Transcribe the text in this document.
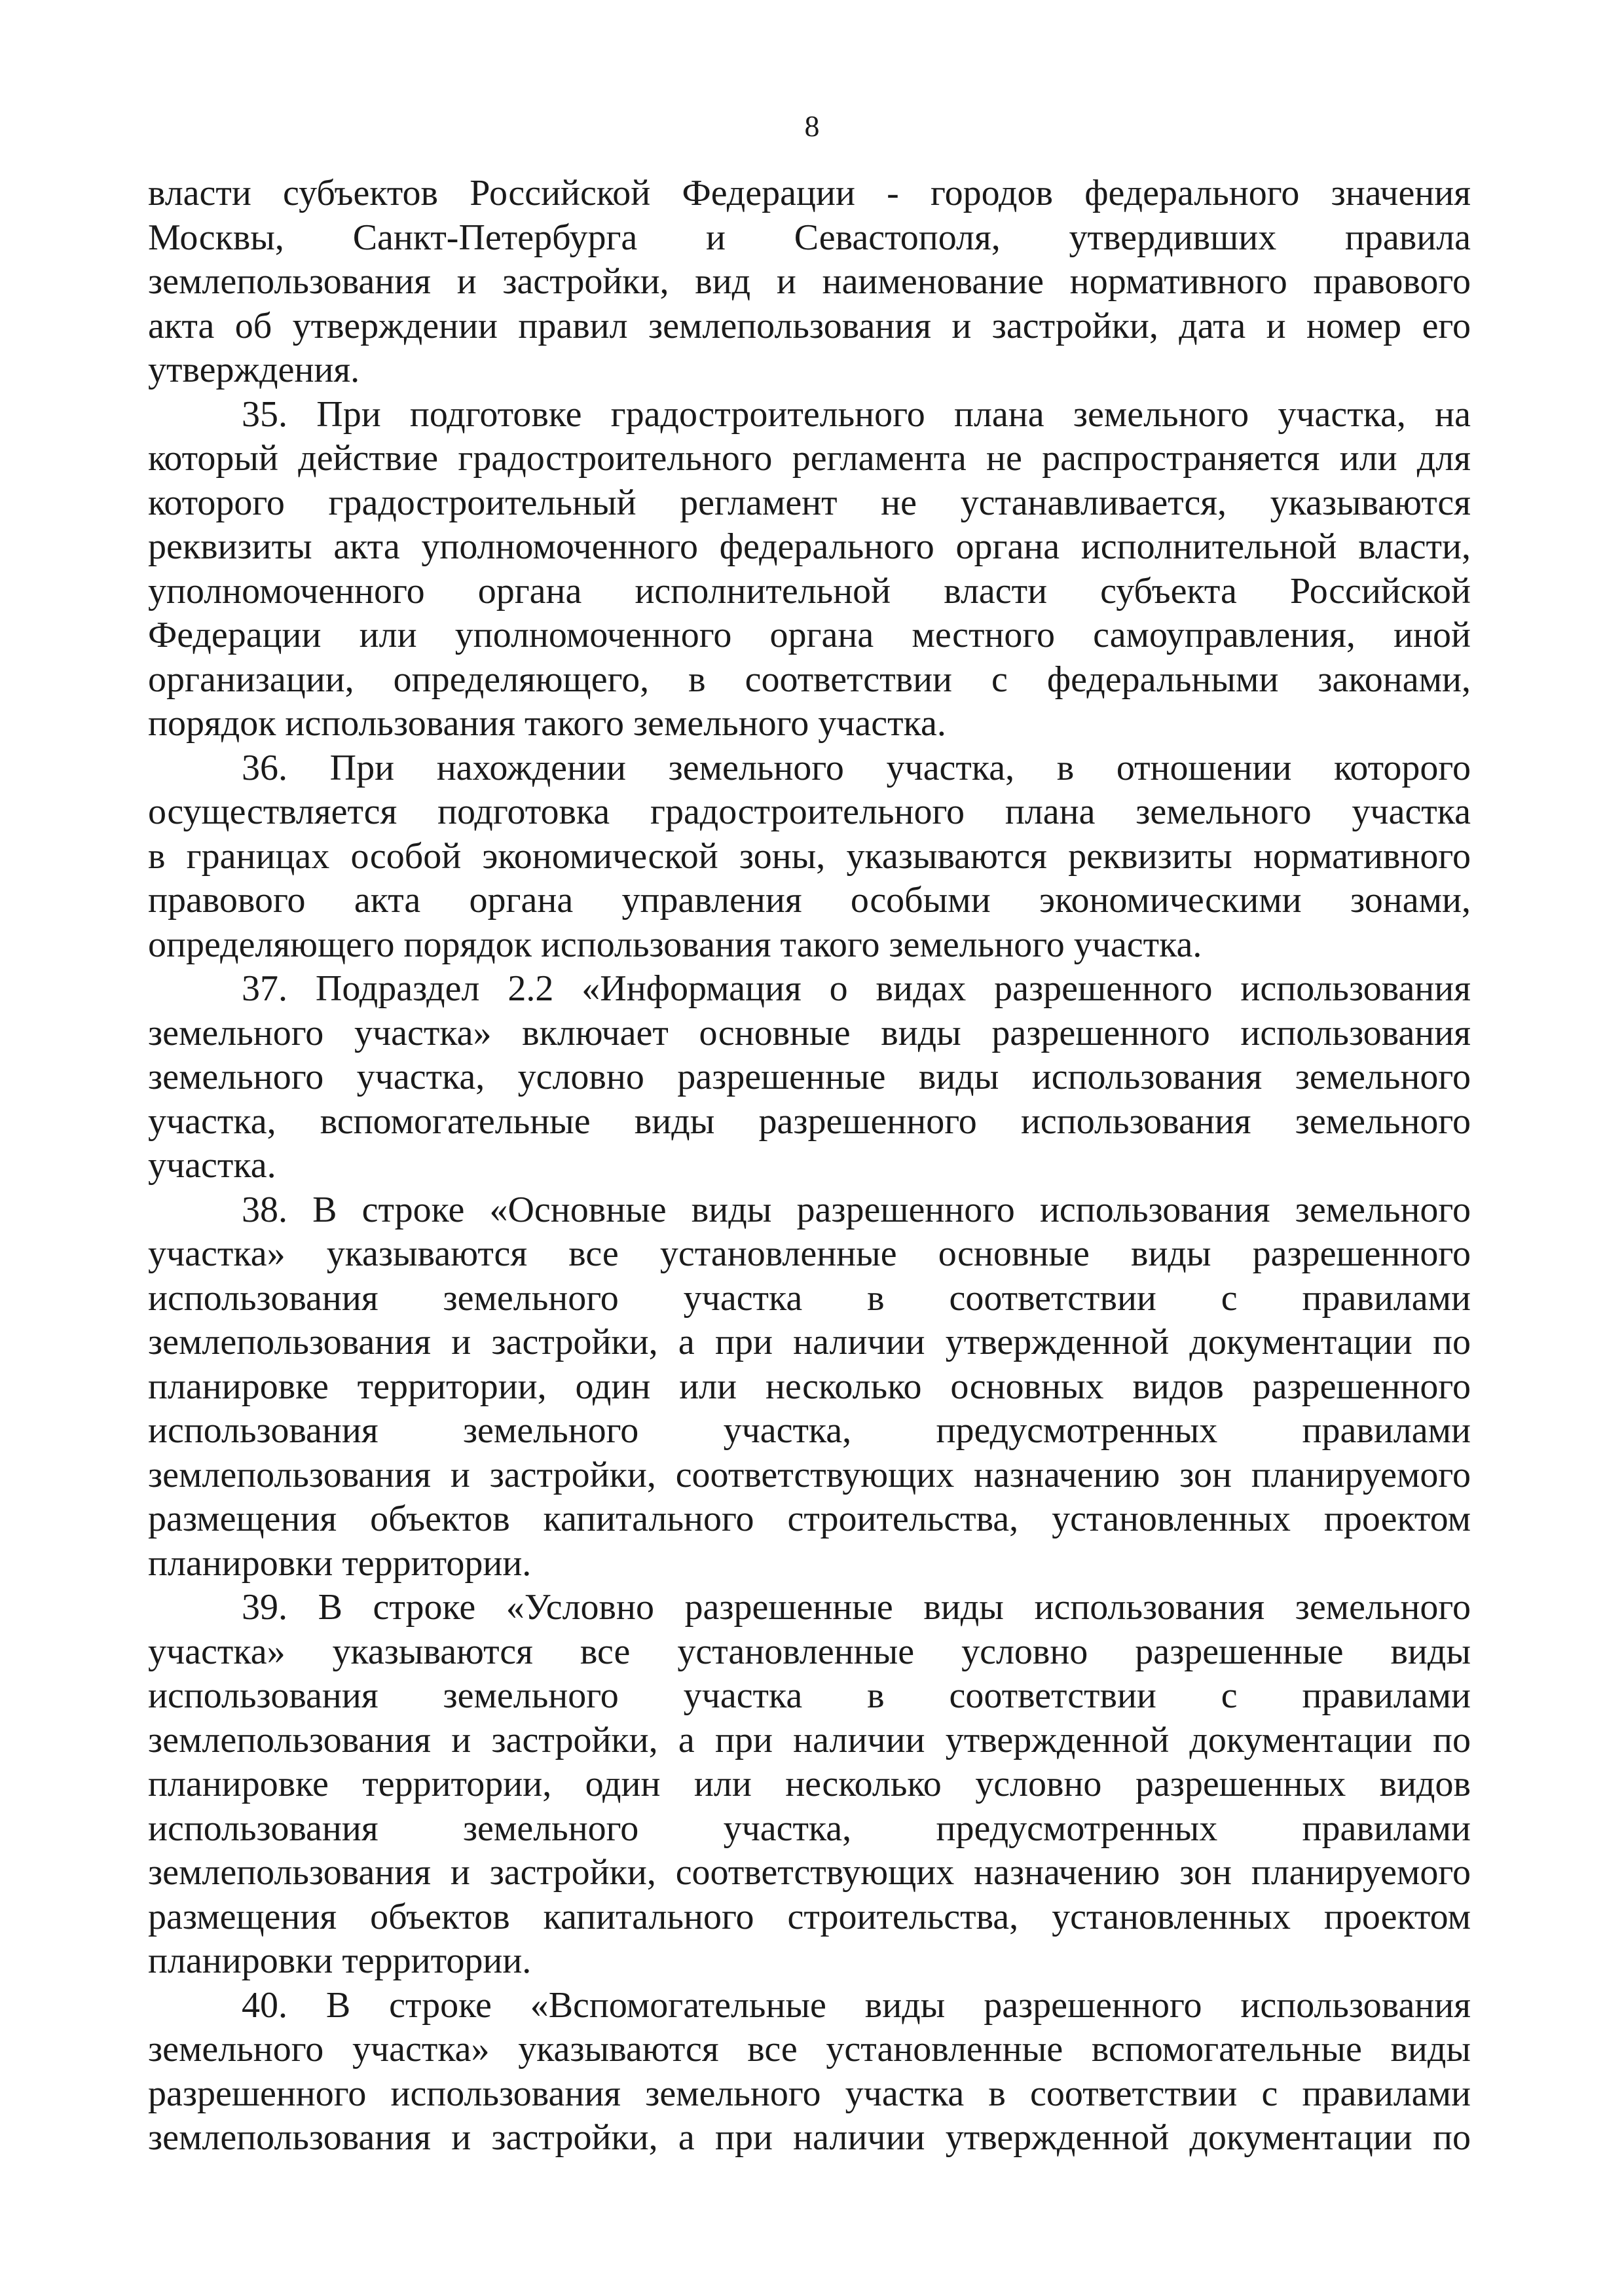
8
власти субъектов Российской Федерации - городов федерального значения
Москвы, Санкт-Петербурга и Севастополя, утвердивших правила
землепользования и застройки, вид и наименование нормативного правового
акта об утверждении правил землепользования и застройки, дата и номер его
утверждения.
35. При подготовке градостроительного плана земельного участка, на
который действие градостроительного регламента не распространяется или для
которого градостроительный регламент не устанавливается, указываются
реквизиты акта уполномоченного федерального органа исполнительной власти,
уполномоченного органа исполнительной власти субъекта Российской
Федерации или уполномоченного органа местного самоуправления, иной
организации, определяющего, в соответствии с федеральными законами,
порядок использования такого земельного участка.
36. При нахождении земельного участка, в отношении которого
осуществляется подготовка градостроительного плана земельного участка
в границах особой экономической зоны, указываются реквизиты нормативного
правового акта органа управления особыми экономическими зонами,
определяющего порядок использования такого земельного участка.
37. Подраздел 2.2 «Информация о видах разрешенного использования
земельного участка» включает основные виды разрешенного использования
земельного участка, условно разрешенные виды использования земельного
участка, вспомогательные виды разрешенного использования земельного
участка.
38. В строке «Основные виды разрешенного использования земельного
участка» указываются все установленные основные виды разрешенного
использования земельного участка в соответствии с правилами
землепользования и застройки, а при наличии утвержденной документации по
планировке территории, один или несколько основных видов разрешенного
использования земельного участка, предусмотренных правилами
землепользования и застройки, соответствующих назначению зон планируемого
размещения объектов капитального строительства, установленных проектом
планировки территории.
39. В строке «Условно разрешенные виды использования земельного
участка» указываются все установленные условно разрешенные виды
использования земельного участка в соответствии с правилами
землепользования и застройки, а при наличии утвержденной документации по
планировке территории, один или несколько условно разрешенных видов
использования земельного участка, предусмотренных правилами
землепользования и застройки, соответствующих назначению зон планируемого
размещения объектов капитального строительства, установленных проектом
планировки территории.
40. В строке «Вспомогательные виды разрешенного использования
земельного участка» указываются все установленные вспомогательные виды
разрешенного использования земельного участка в соответствии с правилами
землепользования и застройки, а при наличии утвержденной документации по
